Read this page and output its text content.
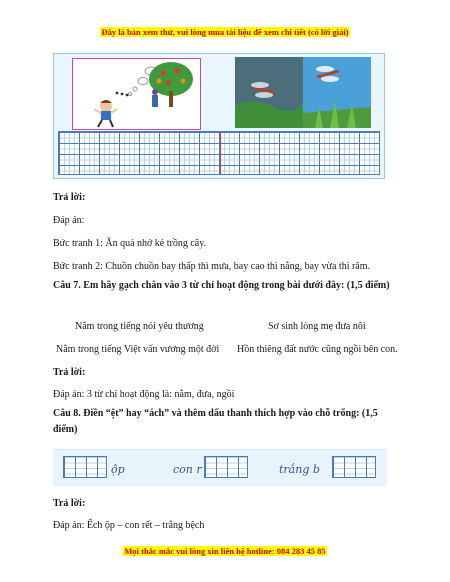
Đây là bản xem thử, vui lòng mua tài liệu để xem chi tiết (có lời giải)
Trả lời:
Đáp án:
Bức tranh 1: Ăn quả nhớ kẻ trồng cây.
Bức tranh 2: Chuồn chuồn bay thấp thì mưa, bay cao thì nắng, bay vừa thì râm.
Câu 7. Em hãy gạch chân vào 3 từ chỉ hoạt động trong bài dưới đây: (1,5 điểm)
Nằm trong tiếng nói yêu thương	Sơ sinh lòng mẹ đưa nôi
Nằm trong tiếng Việt vấn vương một đời Hồn thiêng đất nước cũng ngồi bên con.
Trả lời:
Đáp án: 3 từ chỉ hoạt động là: nằm, đưa, ngồi
Câu 8. Điền “ệt” hay “ách” và thêm dấu thanh thích hợp vào chỗ trống: (1,5 điểm)
ộp	con r	trắng b
Trả lời:
Đáp án: Ếch ộp – con rết – trắng bệch
Mọi thắc mắc vui lòng xin liên hệ hotline: 084 283 45 85
